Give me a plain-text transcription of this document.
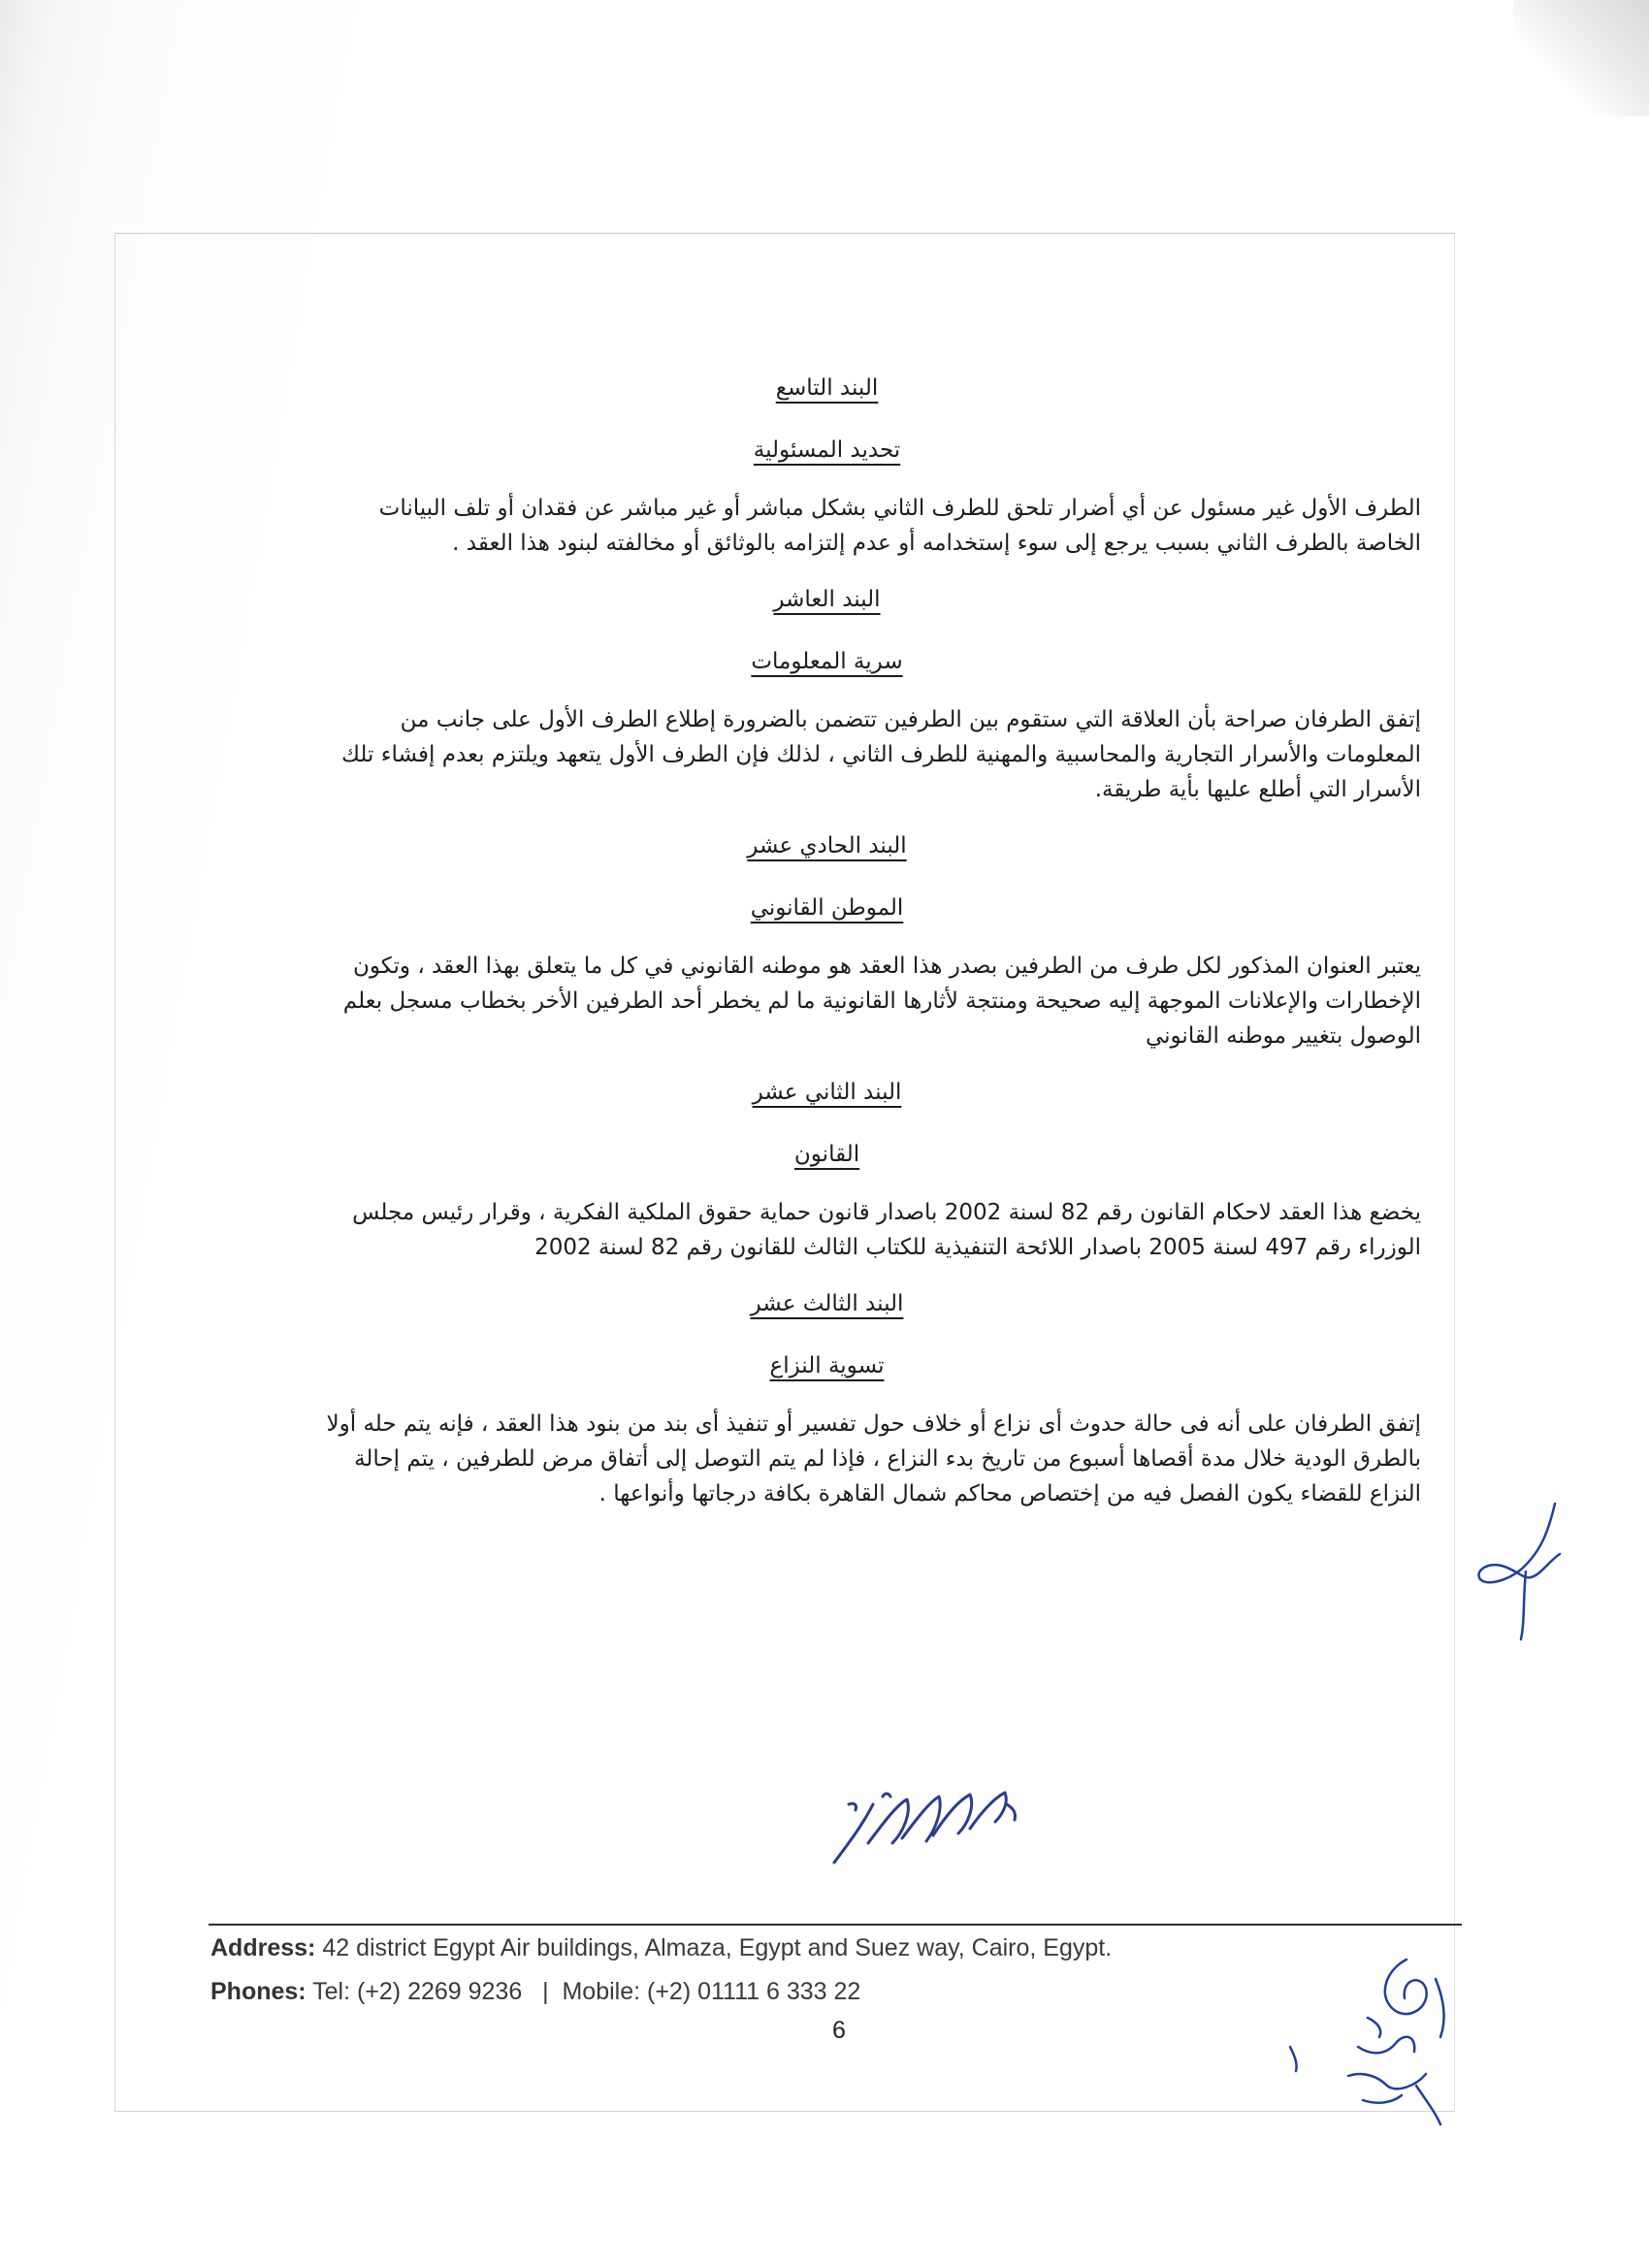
البند التاسع

تحديد المسئولية

الطرف الأول غير مسئول عن أي أضرار تلحق للطرف الثاني بشكل مباشر أو غير مباشر عن فقدان أو تلف البيانات
الخاصة بالطرف الثاني بسبب يرجع إلى سوء إستخدامه أو عدم إلتزامه بالوثائق أو مخالفته لبنود هذا العقد .

البند العاشر

سرية المعلومات

إتفق الطرفان صراحة بأن العلاقة التي ستقوم بين الطرفين تتضمن بالضرورة إطلاع الطرف الأول على جانب من
المعلومات والأسرار التجارية والمحاسبية والمهنية للطرف الثاني ، لذلك فإن الطرف الأول يتعهد ويلتزم بعدم إفشاء تلك
الأسرار التي أطلع عليها بأية طريقة.

البند الحادي عشر

الموطن القانوني

يعتبر العنوان المذكور لكل طرف من الطرفين بصدر هذا العقد هو موطنه القانوني في كل ما يتعلق بهذا العقد ، وتكون
الإخطارات والإعلانات الموجهة إليه صحيحة ومنتجة لأثارها القانونية ما لم يخطر أحد الطرفين الأخر بخطاب مسجل بعلم
الوصول بتغيير موطنه القانوني

البند الثاني عشر

القانون

يخضع هذا العقد لاحكام القانون رقم 82 لسنة 2002 باصدار قانون حماية حقوق الملكية الفكرية ، وقرار رئيس مجلس
الوزراء رقم 497 لسنة 2005 باصدار اللائحة التنفيذية للكتاب الثالث للقانون رقم 82 لسنة 2002

البند الثالث عشر

تسوية النزاع

إتفق الطرفان على أنه فى حالة حدوث أى نزاع أو خلاف حول تفسير أو تنفيذ أى بند من بنود هذا العقد ، فإنه يتم حله أولا
بالطرق الودية خلال مدة أقصاها أسبوع من تاريخ بدء النزاع ، فإذا لم يتم التوصل إلى أتفاق مرض للطرفين ، يتم إحالة
النزاع للقضاء يكون الفصل فيه من إختصاص محاكم شمال القاهرة بكافة درجاتها وأنواعها .

Address: 42 district Egypt Air buildings, Almaza, Egypt and Suez way, Cairo, Egypt.
Phones: Tel: (+2) 2269 9236   |  Mobile: (+2) 01111 6 333 22
6
